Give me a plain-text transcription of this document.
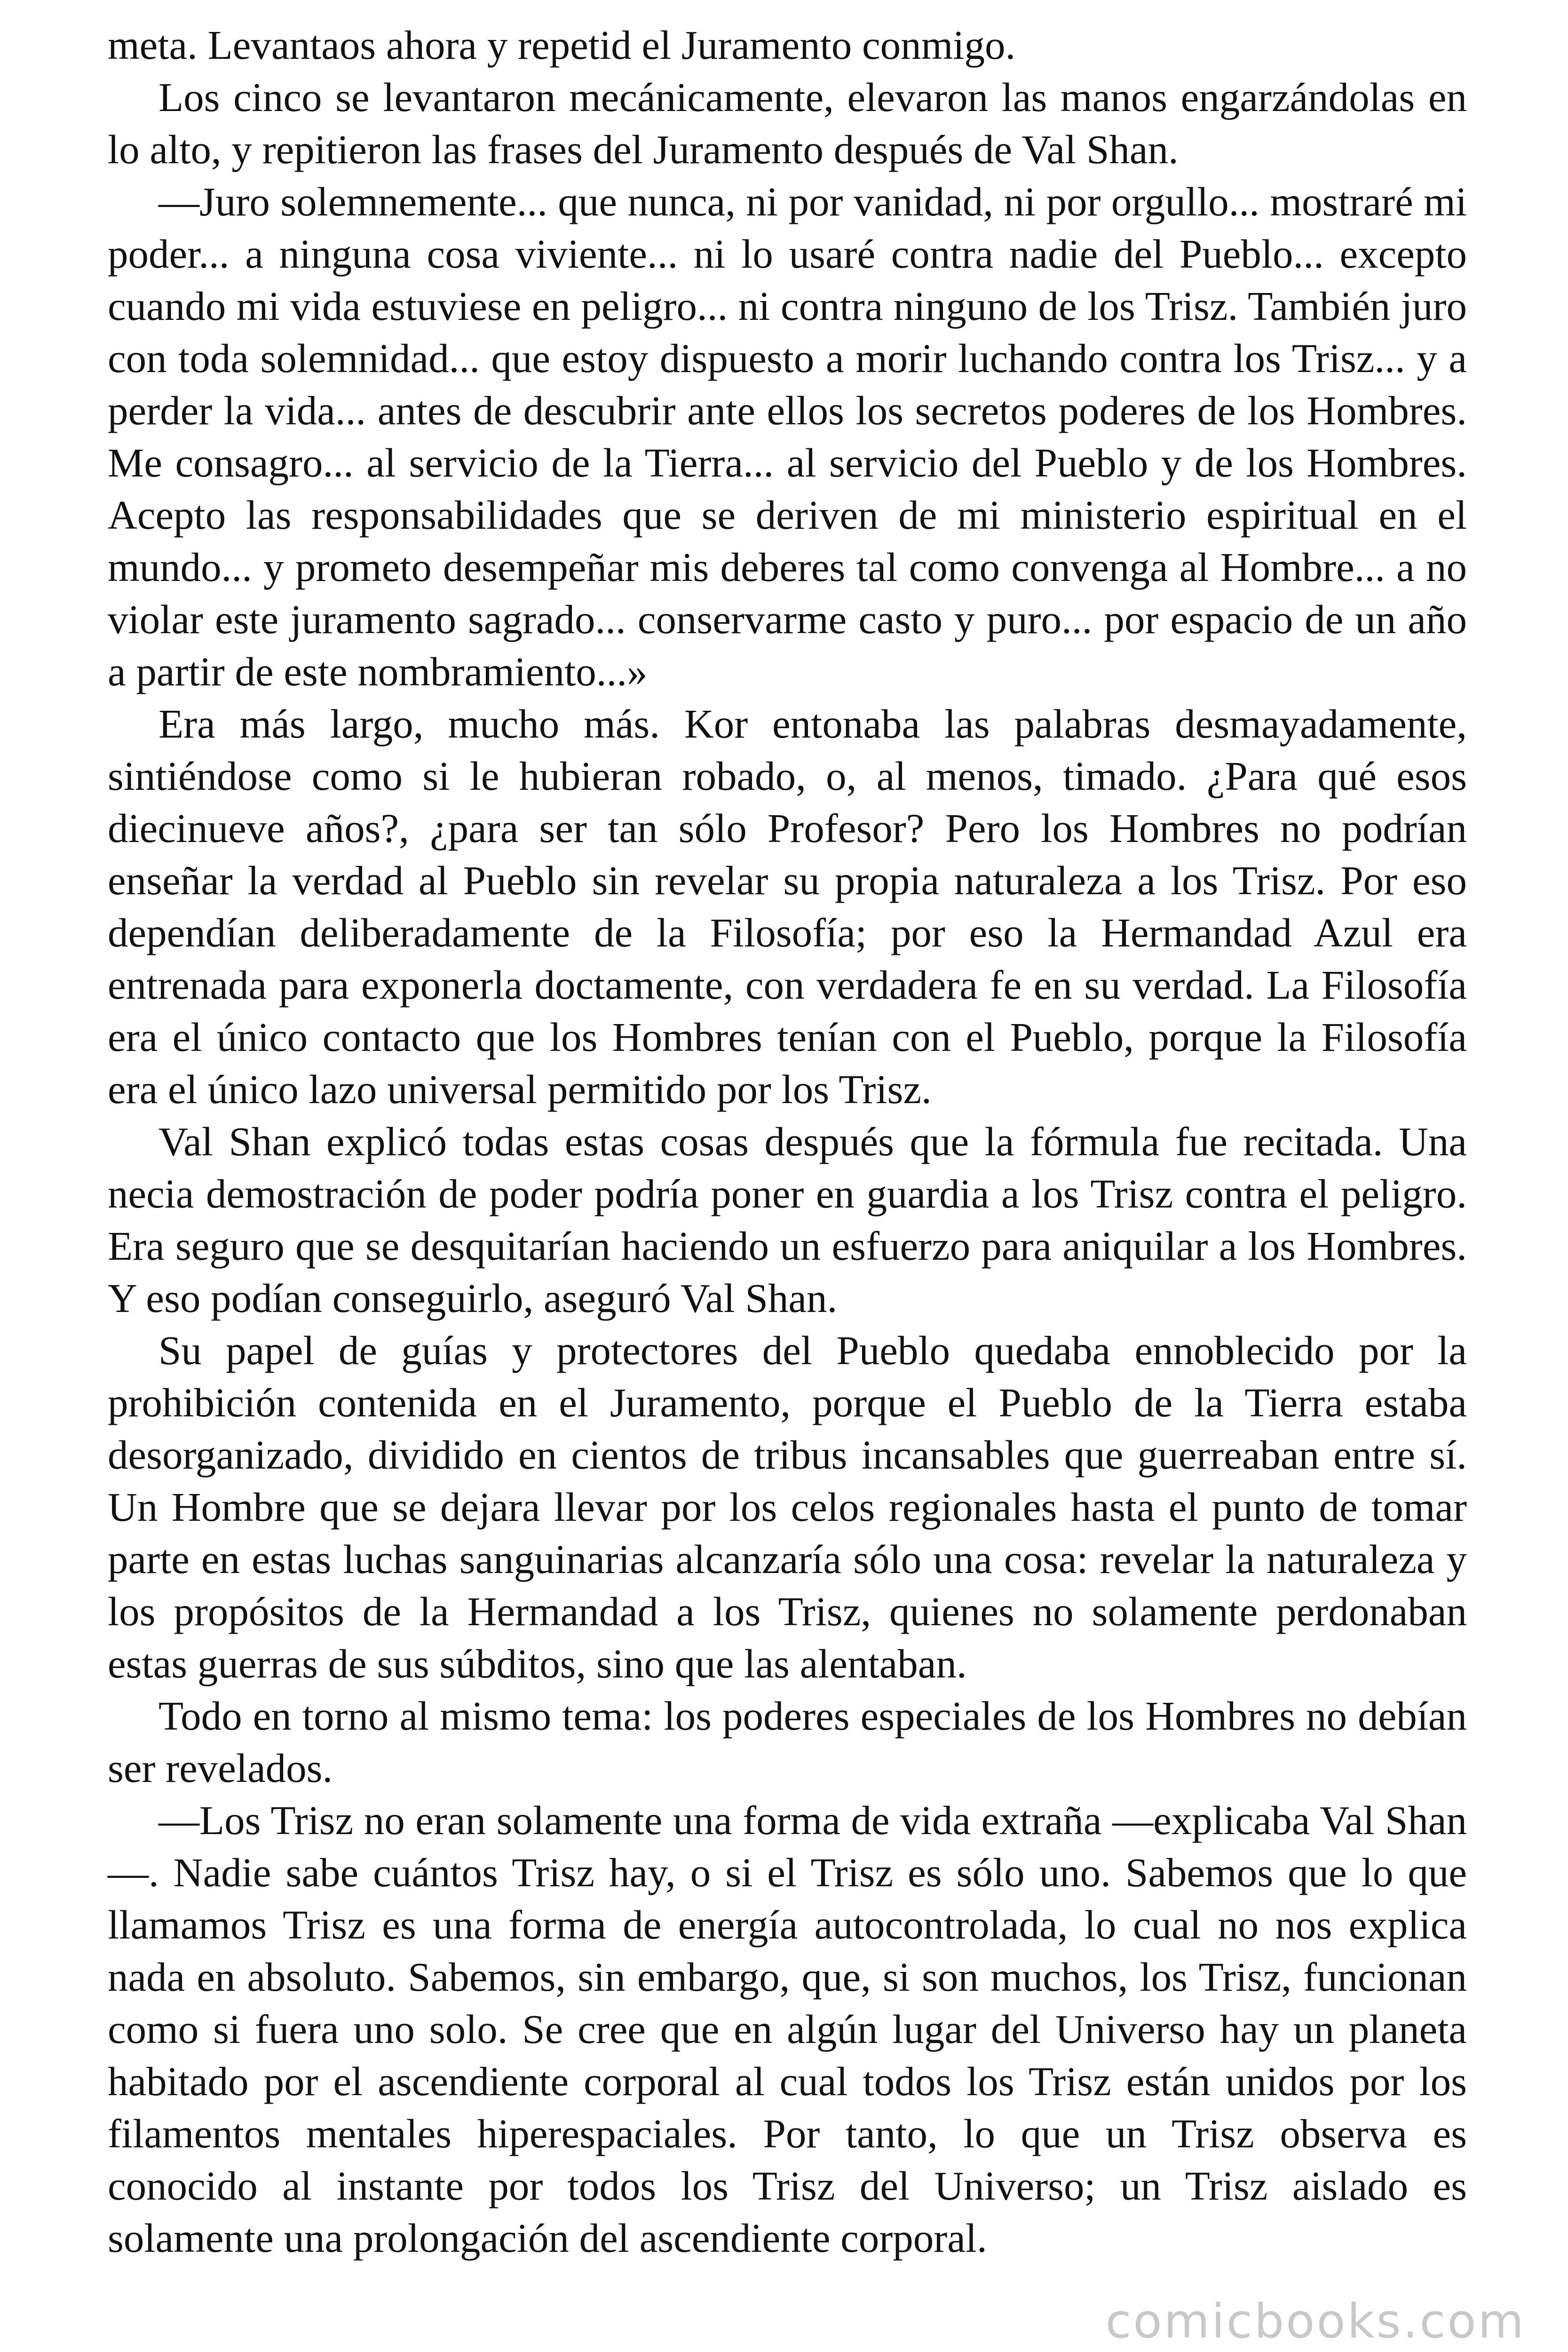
meta. Levantaos ahora y repetid el Juramento conmigo.

Los cinco se levantaron mecánicamente, elevaron las manos engarzándolas en lo alto, y repitieron las frases del Juramento después de Val Shan.

—Juro solemnemente... que nunca, ni por vanidad, ni por orgullo... mostraré mi poder... a ninguna cosa viviente... ni lo usaré contra nadie del Pueblo... excepto cuando mi vida estuviese en peligro... ni contra ninguno de los Trisz. También juro con toda solemnidad... que estoy dispuesto a morir luchando contra los Trisz... y a perder la vida... antes de descubrir ante ellos los secretos poderes de los Hombres. Me consagro... al servicio de la Tierra... al servicio del Pueblo y de los Hombres. Acepto las responsabilidades que se deriven de mi ministerio espiritual en el mundo... y prometo desempeñar mis deberes tal como convenga al Hombre... a no violar este juramento sagrado... conservarme casto y puro... por espacio de un año a partir de este nombramiento...»

Era más largo, mucho más. Kor entonaba las palabras desmayadamente, sintiéndose como si le hubieran robado, o, al menos, timado. ¿Para qué esos diecinueve años?, ¿para ser tan sólo Profesor? Pero los Hombres no podrían enseñar la verdad al Pueblo sin revelar su propia naturaleza a los Trisz. Por eso dependían deliberadamente de la Filosofía; por eso la Hermandad Azul era entrenada para exponerla doctamente, con verdadera fe en su verdad. La Filosofía era el único contacto que los Hombres tenían con el Pueblo, porque la Filosofía era el único lazo universal permitido por los Trisz.

Val Shan explicó todas estas cosas después que la fórmula fue recitada. Una necia demostración de poder podría poner en guardia a los Trisz contra el peligro. Era seguro que se desquitarían haciendo un esfuerzo para aniquilar a los Hombres. Y eso podían conseguirlo, aseguró Val Shan.

Su papel de guías y protectores del Pueblo quedaba ennoblecido por la prohibición contenida en el Juramento, porque el Pueblo de la Tierra estaba desorganizado, dividido en cientos de tribus incansables que guerreaban entre sí. Un Hombre que se dejara llevar por los celos regionales hasta el punto de tomar parte en estas luchas sanguinarias alcanzaría sólo una cosa: revelar la naturaleza y los propósitos de la Hermandad a los Trisz, quienes no solamente perdonaban estas guerras de sus súbditos, sino que las alentaban.

Todo en torno al mismo tema: los poderes especiales de los Hombres no debían ser revelados.

—Los Trisz no eran solamente una forma de vida extraña —explicaba Val Shan—. Nadie sabe cuántos Trisz hay, o si el Trisz es sólo uno. Sabemos que lo que llamamos Trisz es una forma de energía autocontrolada, lo cual no nos explica nada en absoluto. Sabemos, sin embargo, que, si son muchos, los Trisz, funcionan como si fuera uno solo. Se cree que en algún lugar del Universo hay un planeta habitado por el ascendiente corporal al cual todos los Trisz están unidos por los filamentos mentales hiperespaciales. Por tanto, lo que un Trisz observa es conocido al instante por todos los Trisz del Universo; un Trisz aislado es solamente una prolongación del ascendiente corporal.

comicbooks.com
